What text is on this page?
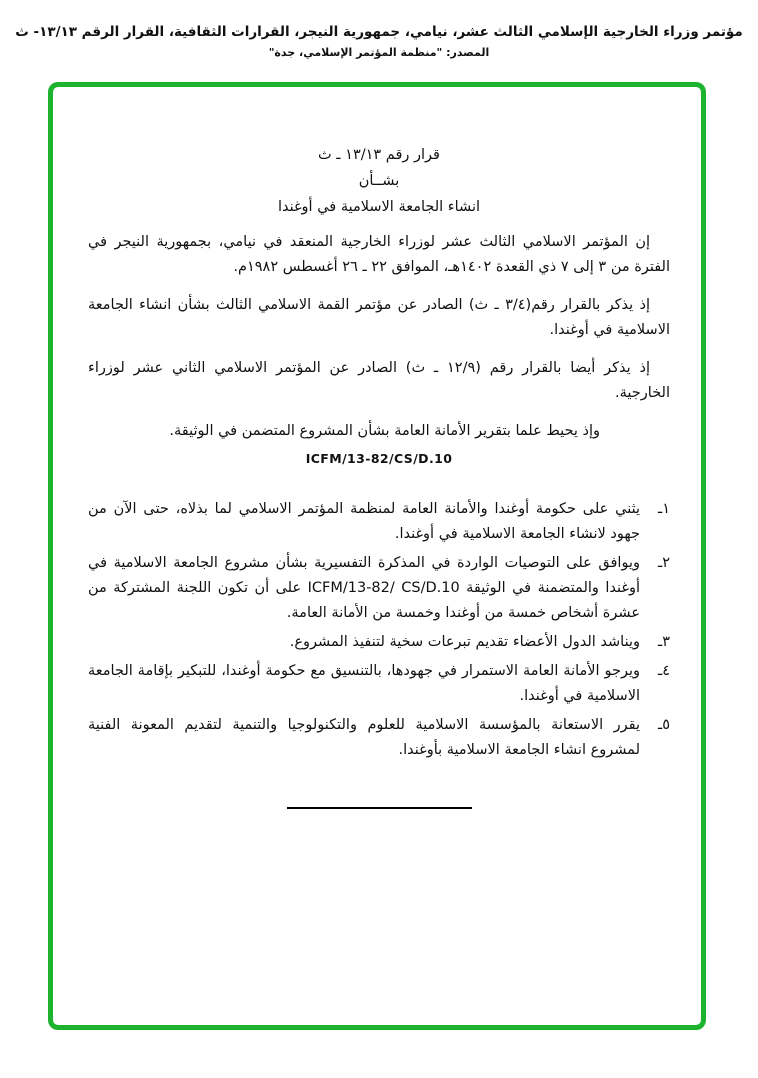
مؤتمر وزراء الخارجية الإسلامي الثالث عشر، نيامي، جمهورية النيجر، القرارات الثقافية، القرار الرقم ١٣/١٣- ث
المصدر: "منظمة المؤتمر الإسلامي، جدة"
قرار رقم ١٣/١٣ ـ ث
بشــأن
انشاء الجامعة الاسلامية في أوغندا

إن المؤتمر الاسلامي الثالث عشر لوزراء الخارجية المنعقد في نيامي، بجمهورية النيجر في الفترة من ٣ إلى ٧ ذي القعدة ١٤٠٢هـ، الموافق ٢٢ ـ ٢٦ أغسطس ١٩٨٢م.

إذ يذكر بالقرار رقم(٣/٤ ـ ث) الصادر عن مؤتمر القمة الاسلامي الثالث بشأن انشاء الجامعة الاسلامية في أوغندا.

إذ يذكر أيضا بالقرار رقم (١٢/٩ ـ ث) الصادر عن المؤتمر الاسلامي الثاني عشر لوزراء الخارجية.

وإذ يحيط علما بتقرير الأمانة العامة بشأن المشروع المتضمن في الوثيقة.

ICFM/13-82/CS/D.10
١ـ
يثني على حكومة أوغندا والأمانة العامة لمنظمة المؤتمر الاسلامي لما بذلاه، حتى الآن من جهود لانشاء الجامعة الاسلامية في أوغندا.
٢ـ
ويوافق على التوصيات الواردة في المذكرة التفسيرية بشأن مشروع الجامعة الاسلامية في أوغندا والمتضمنة في الوثيقة ICFM/13-82/ CS/D.10 على أن تكون اللجنة المشتركة من عشرة أشخاص خمسة من أوغندا وخمسة من الأمانة العامة.
٣ـ
ويناشد الدول الأعضاء تقديم تبرعات سخية لتنفيذ المشروع.
٤ـ
ويرجو الأمانة العامة الاستمرار في جهودها، بالتنسيق مع حكومة أوغندا، للتبكير بإقامة الجامعة الاسلامية في أوغندا.
٥ـ
يقرر الاستعانة بالمؤسسة الاسلامية للعلوم والتكنولوجيا والتنمية لتقديم المعونة الفنية لمشروع انشاء الجامعة الاسلامية بأوغندا.
